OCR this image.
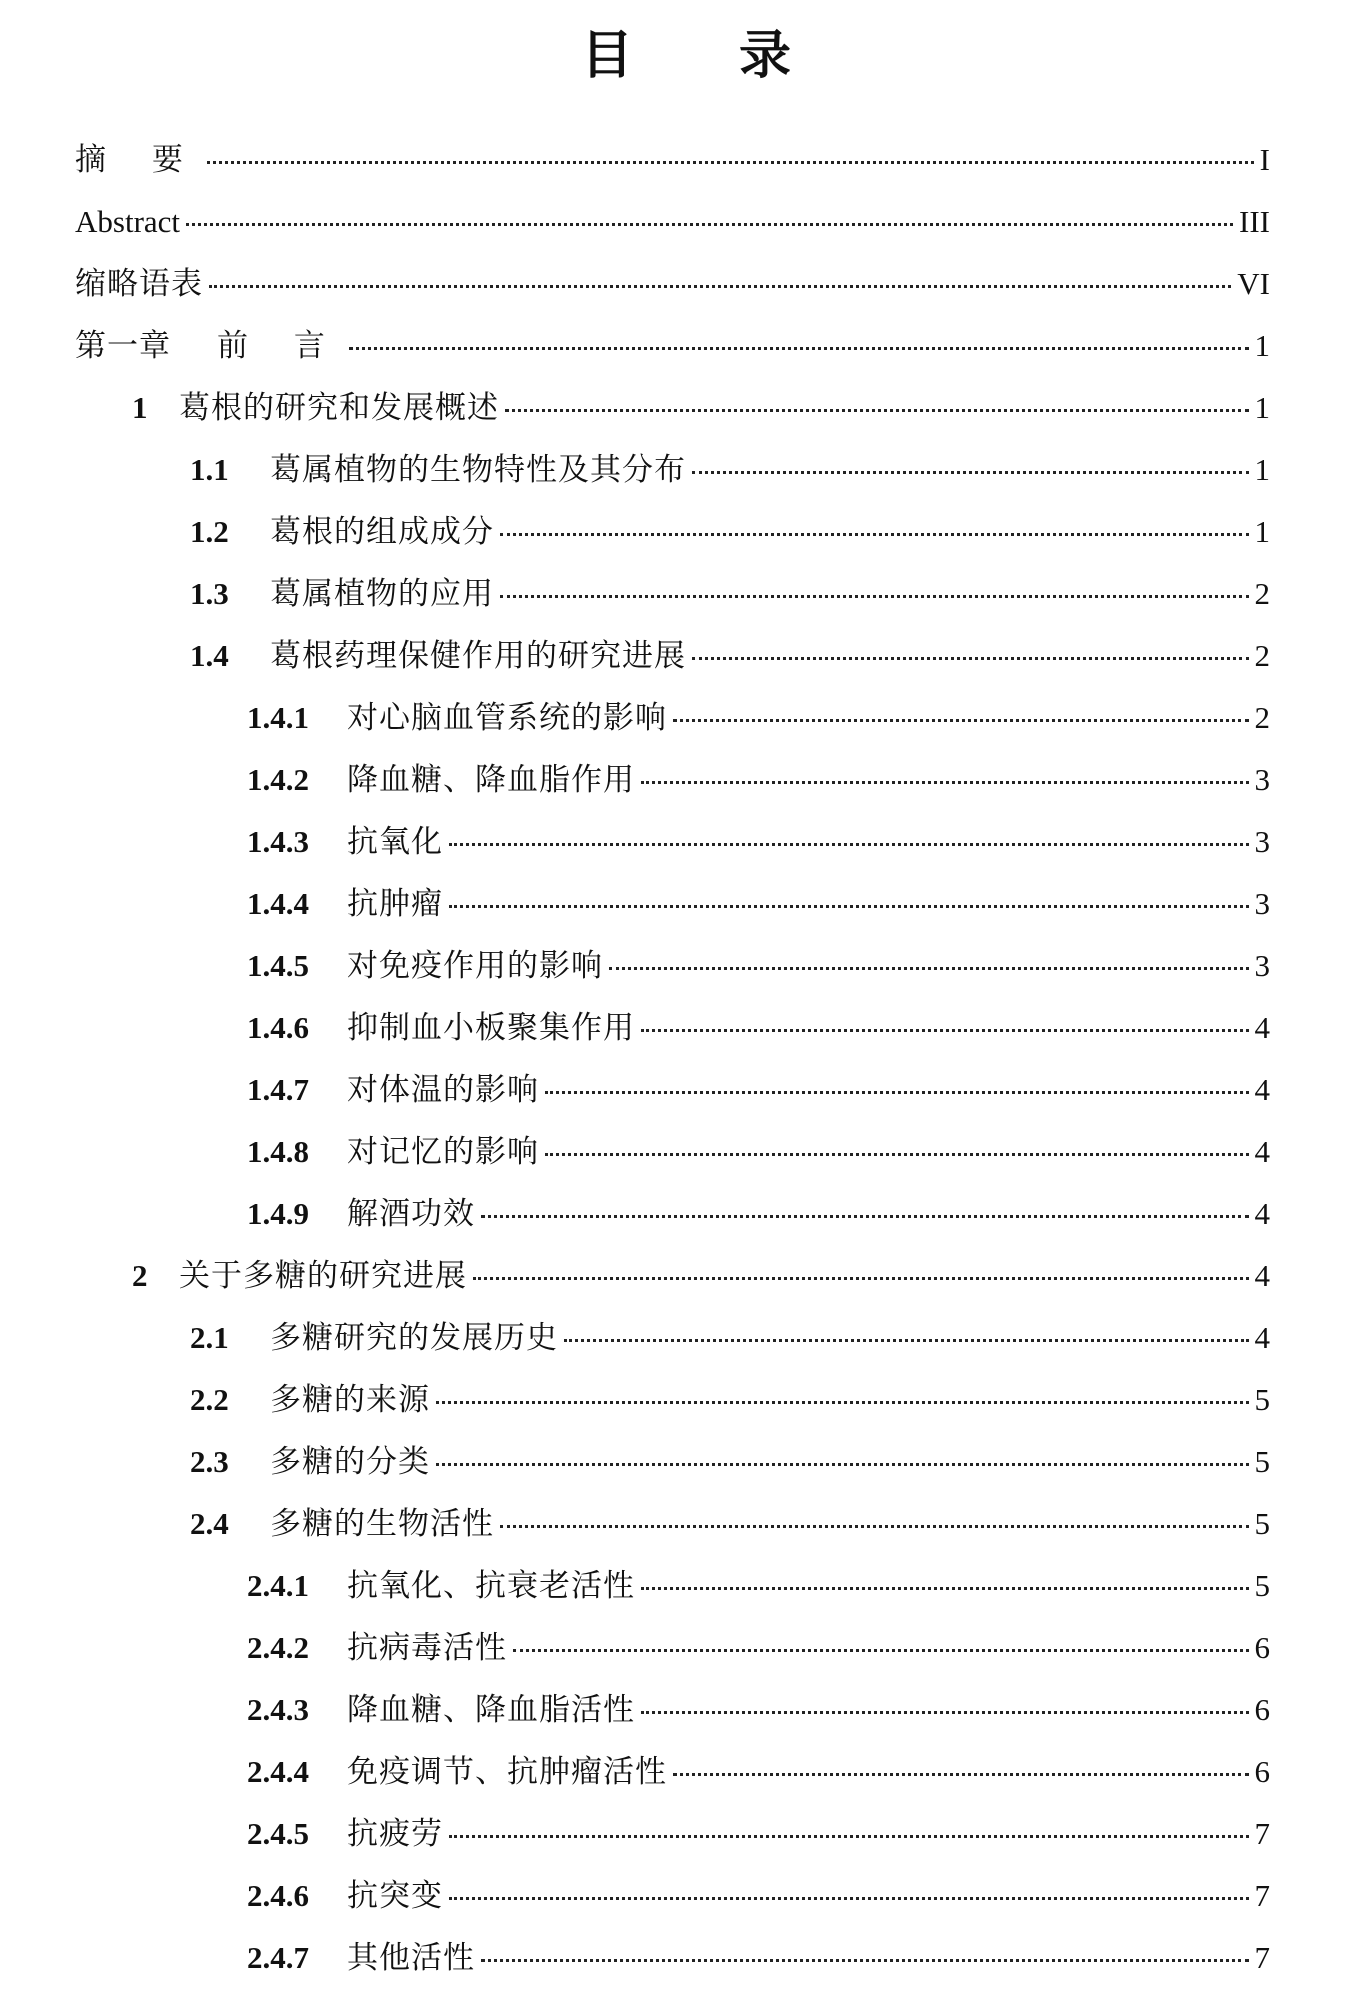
目 录
摘 要	I
Abstract	III
缩略语表	VI
第一章 前 言	1
1	葛根的研究和发展概述	1
1.1	葛属植物的生物特性及其分布	1
1.2	葛根的组成成分	1
1.3	葛属植物的应用	2
1.4	葛根药理保健作用的研究进展	2
1.4.1	对心脑血管系统的影响	2
1.4.2	降血糖、降血脂作用	3
1.4.3	抗氧化	3
1.4.4	抗肿瘤	3
1.4.5	对免疫作用的影响	3
1.4.6	抑制血小板聚集作用	4
1.4.7	对体温的影响	4
1.4.8	对记忆的影响	4
1.4.9	解酒功效	4
2	关于多糖的研究进展	4
2.1	多糖研究的发展历史	4
2.2	多糖的来源	5
2.3	多糖的分类	5
2.4	多糖的生物活性	5
2.4.1	抗氧化、抗衰老活性	5
2.4.2	抗病毒活性	6
2.4.3	降血糖、降血脂活性	6
2.4.4	免疫调节、抗肿瘤活性	6
2.4.5	抗疲劳	7
2.4.6	抗突变	7
2.4.7	其他活性	7
